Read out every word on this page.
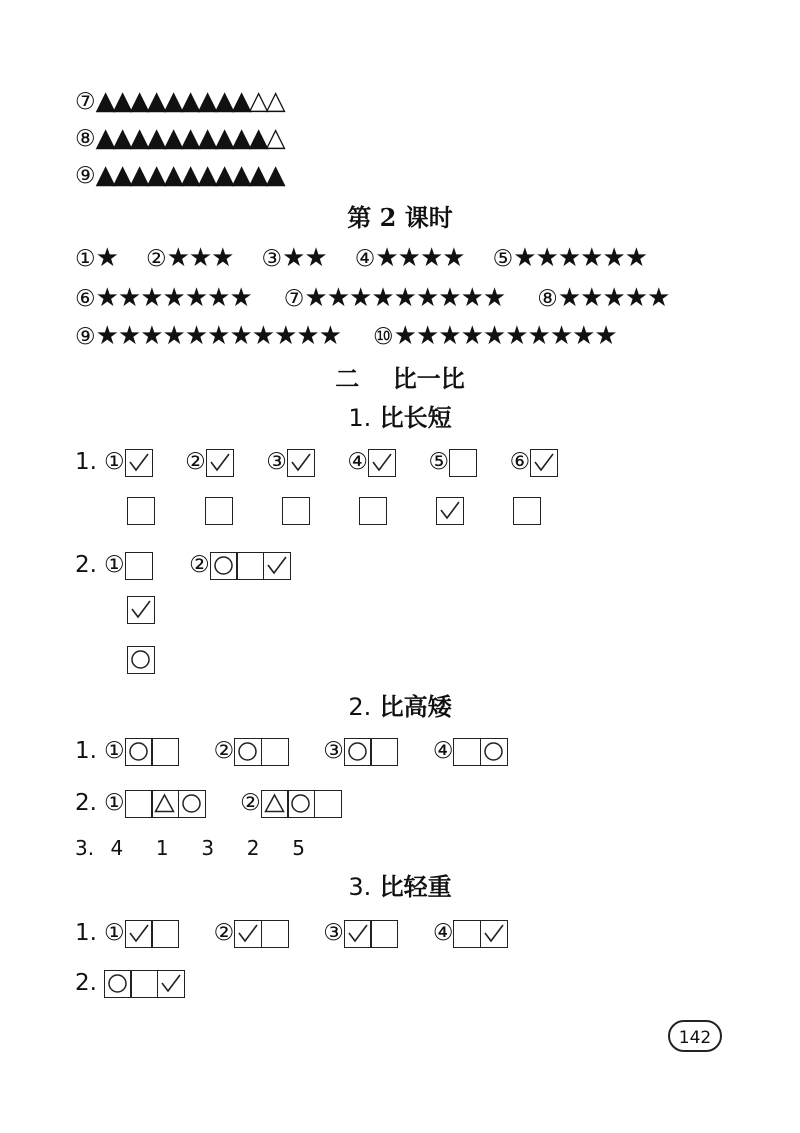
⑦▲▲▲▲▲▲▲▲▲△△
⑧▲▲▲▲▲▲▲▲▲▲△
⑨▲▲▲▲▲▲▲▲▲▲▲
第 2 课时
①★ ②★★★ ③★★ ④★★★★ ⑤★★★★★★
⑥★★★★★★★ ⑦★★★★★★★★★ ⑧★★★★★
⑨★★★★★★★★★★★ ⑩★★★★★★★★★★
二 比一比
1. 比长短
1. ①	②	③	④	⑤	⑥
2. ①	②
2. 比高矮
1. ①	②	③	④
2. ①	②
3. 4  1  3  2  5
3. 比轻重
1. ①	②	③	④
2.
142
